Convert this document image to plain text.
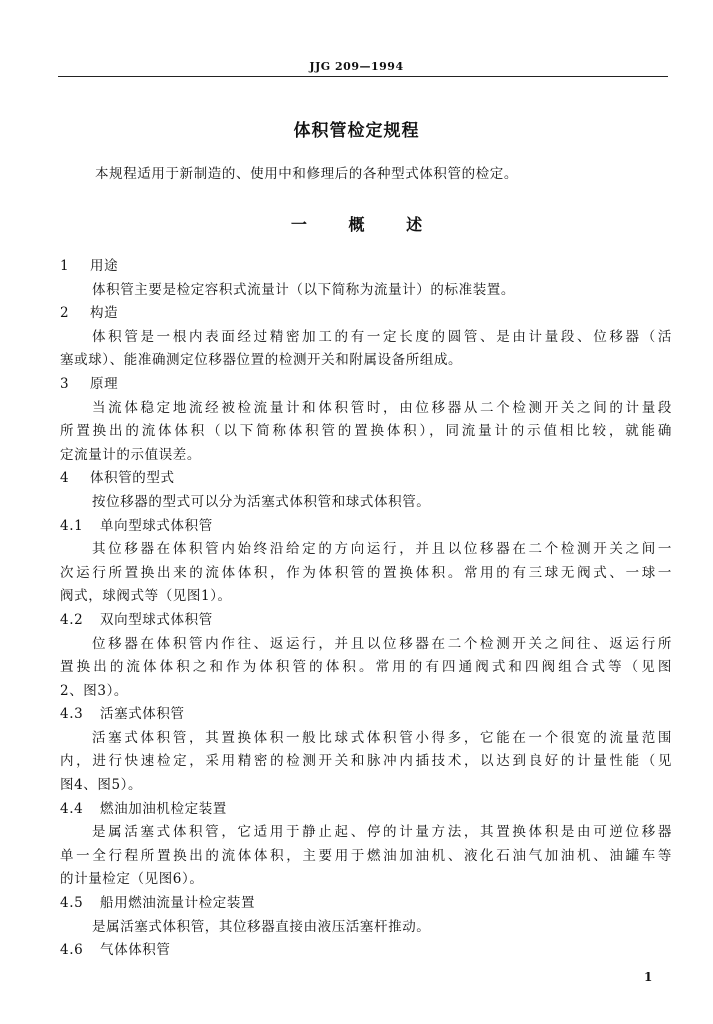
JJG 209—1994
体积管检定规程
本规程适用于新制造的、使用中和修理后的各种型式体积管的检定。
一	概	述
1 用途
体积管主要是检定容积式流量计（以下简称为流量计）的标准装置。
2 构造
体积管是一根内表面经过精密加工的有一定长度的圆管、是由计量段、位移器（活
塞或球）、能准确测定位移器位置的检测开关和附属设备所组成。
3 原理
当流体稳定地流经被检流量计和体积管时，由位移器从二个检测开关之间的计量段
所置换出的流体体积（以下简称体积管的置换体积），同流量计的示值相比较，就能确
定流量计的示值误差。
4 体积管的型式
按位移器的型式可以分为活塞式体积管和球式体积管。
4.1 单向型球式体积管
其位移器在体积管内始终沿给定的方向运行，并且以位移器在二个检测开关之间一
次运行所置换出来的流体体积，作为体积管的置换体积。常用的有三球无阀式、一球一
阀式，球阀式等（见图1）。
4.2 双向型球式体积管
位移器在体积管内作往、返运行，并且以位移器在二个检测开关之间往、返运行所
置换出的流体体积之和作为体积管的体积。常用的有四通阀式和四阀组合式等（见图
2、图3）。
4.3 活塞式体积管
活塞式体积管，其置换体积一般比球式体积管小得多，它能在一个很宽的流量范围
内，进行快速检定，采用精密的检测开关和脉冲内插技术，以达到良好的计量性能（见
图4、图5）。
4.4 燃油加油机检定装置
是属活塞式体积管，它适用于静止起、停的计量方法，其置换体积是由可逆位移器
单一全行程所置换出的流体体积，主要用于燃油加油机、液化石油气加油机、油罐车等
的计量检定（见图6）。
4.5 船用燃油流量计检定装置
是属活塞式体积管，其位移器直接由液压活塞杆推动。
4.6 气体体积管
1
